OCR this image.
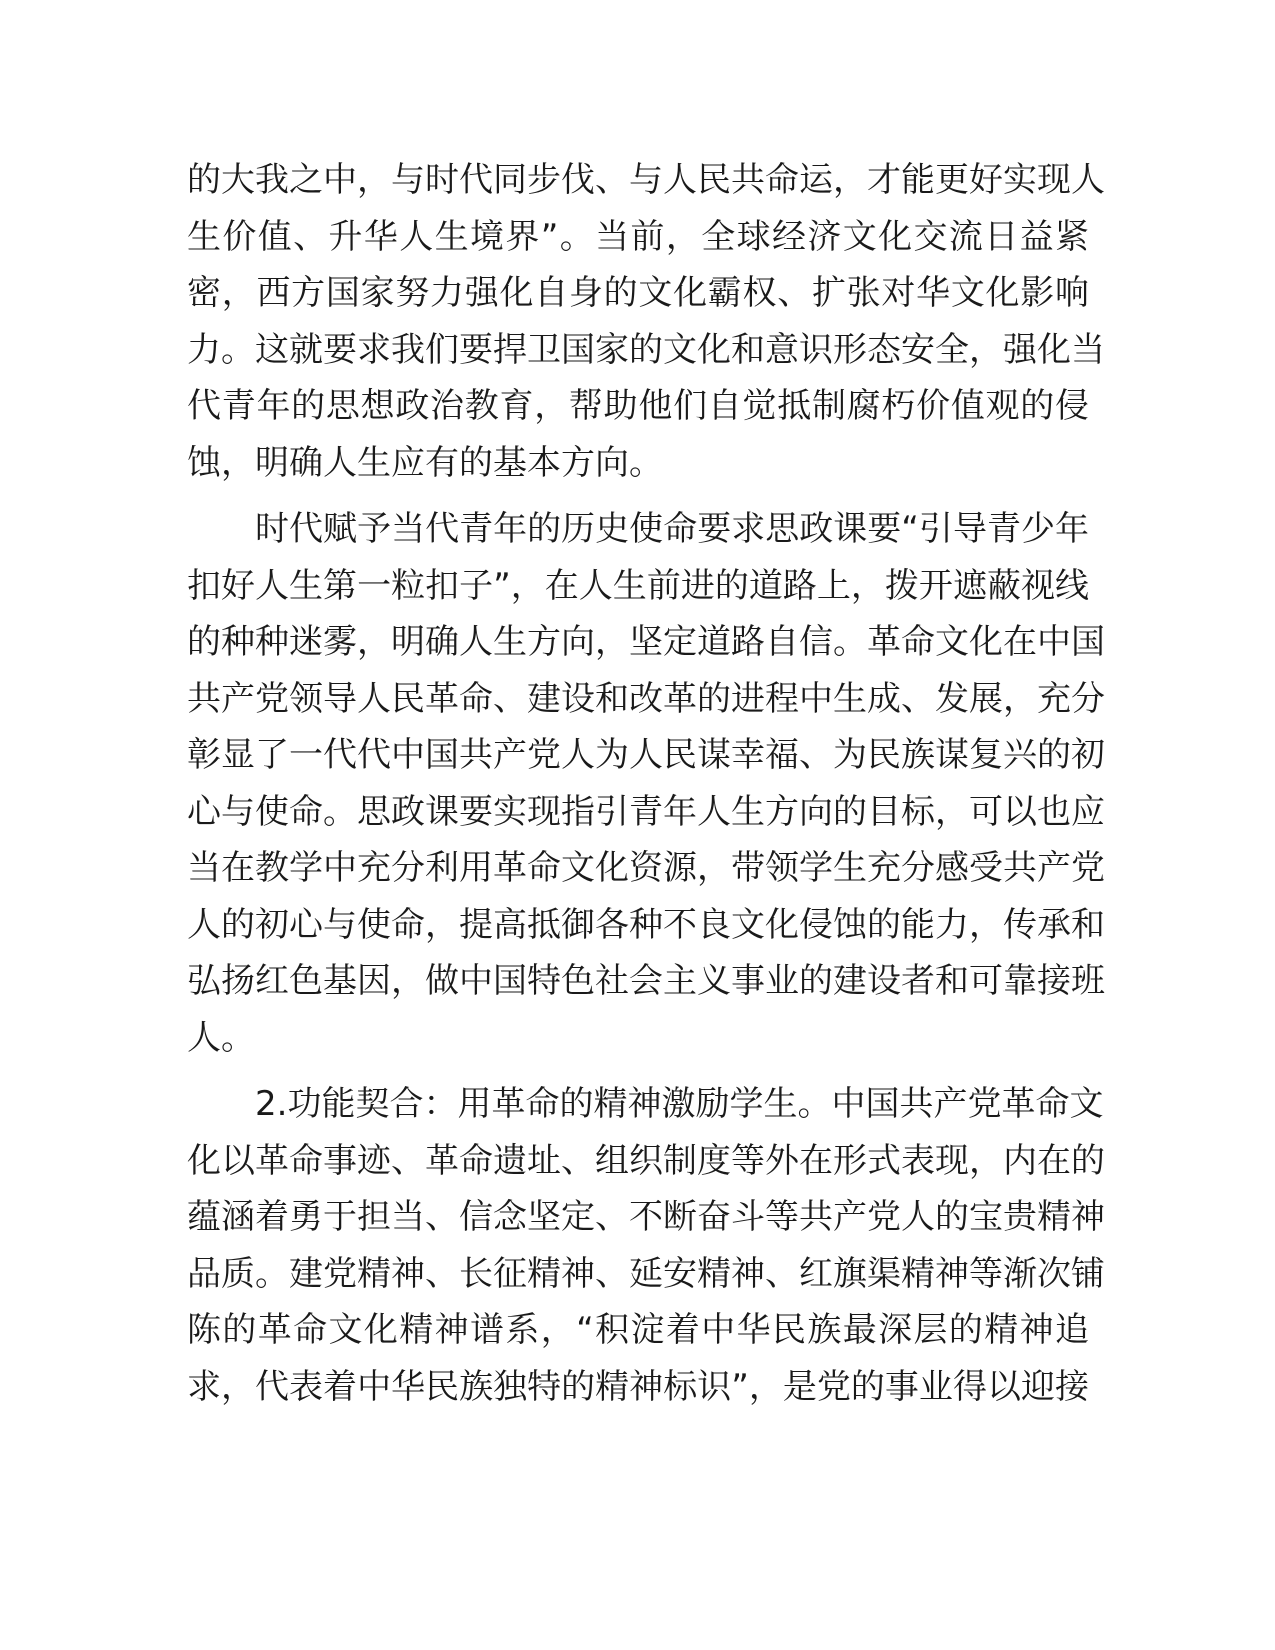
的大我之中，与时代同步伐、与人民共命运，才能更好实现人
生价值、升华人生境界”。当前，全球经济文化交流日益紧
密，西方国家努力强化自身的文化霸权、扩张对华文化影响
力。这就要求我们要捍卫国家的文化和意识形态安全，强化当
代青年的思想政治教育，帮助他们自觉抵制腐朽价值观的侵
蚀，明确人生应有的基本方向。
　　时代赋予当代青年的历史使命要求思政课要“引导青少年
扣好人生第一粒扣子”，在人生前进的道路上，拨开遮蔽视线
的种种迷雾，明确人生方向，坚定道路自信。革命文化在中国
共产党领导人民革命、建设和改革的进程中生成、发展，充分
彰显了一代代中国共产党人为人民谋幸福、为民族谋复兴的初
心与使命。思政课要实现指引青年人生方向的目标，可以也应
当在教学中充分利用革命文化资源，带领学生充分感受共产党
人的初心与使命，提高抵御各种不良文化侵蚀的能力，传承和
弘扬红色基因，做中国特色社会主义事业的建设者和可靠接班
人。
　　2.功能契合：用革命的精神激励学生。中国共产党革命文
化以革命事迹、革命遗址、组织制度等外在形式表现，内在的
蕴涵着勇于担当、信念坚定、不断奋斗等共产党人的宝贵精神
品质。建党精神、长征精神、延安精神、红旗渠精神等渐次铺
陈的革命文化精神谱系，“积淀着中华民族最深层的精神追
求，代表着中华民族独特的精神标识”，是党的事业得以迎接
